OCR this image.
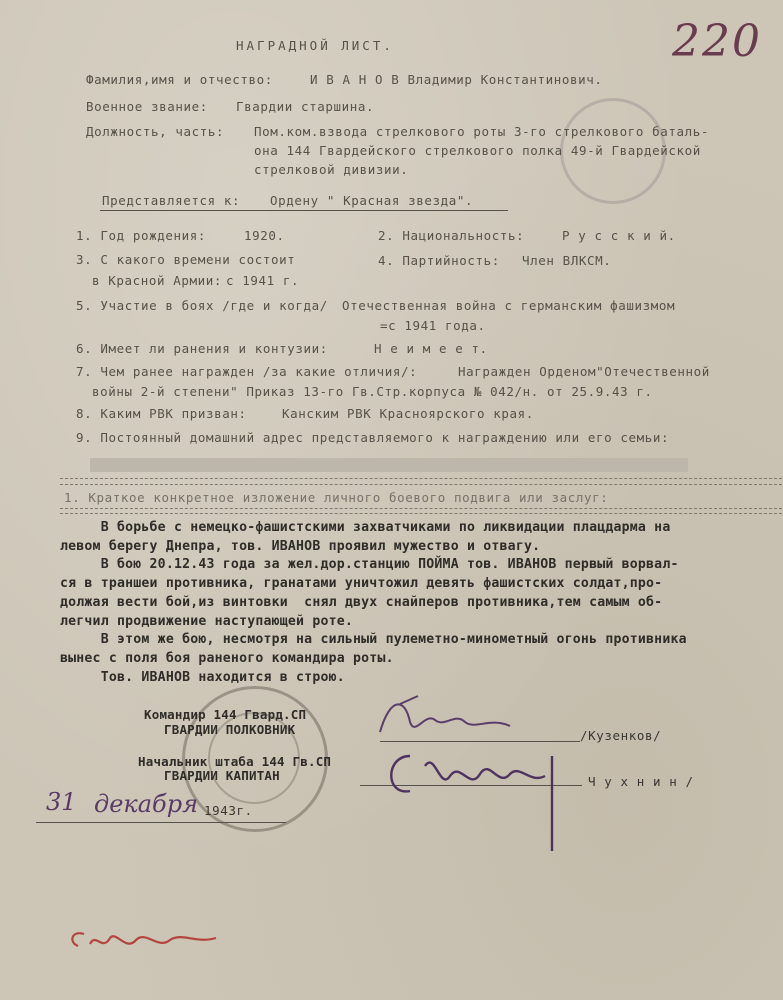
НАГРАДНОЙ ЛИСТ.	220
Фамилия,имя и отчество:	И В А Н О В Владимир Константинович.
Военное звание: Гвардии старшина.
Должность, часть: Пом.ком.взвода стрелкового роты 3-го стрелкового баталь-
она 144 Гвардейского стрелкового полка 49-й Гвардейской
стрелковой дивизии.
Представляется к: Ордену " Красная звезда".
1. Год рождения:	1920.	2. Национальность:	Р у с с к и й.
3. С какого времени состоит
в Красной Армии: с 1941 г.
4. Партийность: Член ВЛКСМ.
5. Участие в боях /где и когда/ Отечественная война с германским фашизмом
=с 1941 года.
6. Имеет ли ранения и контузии:	Н е и м е е т.
7. Чем ранее награжден /за какие отличия/:	Награжден Орденом"Отечественной
войны 2-й степени" Приказ 13-го Гв.Стр.корпуса № 042/н. от 25.9.43 г.
8. Каким РВК призван:	Канским РВК Красноярского края.
9. Постоянный домашний адрес представляемого к награждению или его семьи:
1. Краткое конкретное изложение личного боевого подвига или заслуг:
В борьбе с немецко-фашистскими захватчиками по ликвидации плацдарма на
левом берегу Днепра, тов. ИВАНОВ проявил мужество и отвагу.
В бою 20.12.43 года за жел.дор.станцию ПОЙМА тов. ИВАНОВ первый ворвал-
ся в траншеи противника, гранатами уничтожил девять фашистских солдат,про-
должая вести бой,из винтовки  снял двух снайперов противника,тем самым об-
легчил продвижение наступающей роте.
В этом же бою, несмотря на сильный пулеметно-минометный огонь противника
вынес с поля боя раненого командира роты.
Тов. ИВАНОВ находится в строю.
Командир 144 Гвард.СП
ГВАРДИИ ПОЛКОВНИК	/Кузенков/
Начальник штаба 144 Гв.СП
ГВАРДИИ КАПИТАН	Ч у х н и н /
31 декабря 1943г.
